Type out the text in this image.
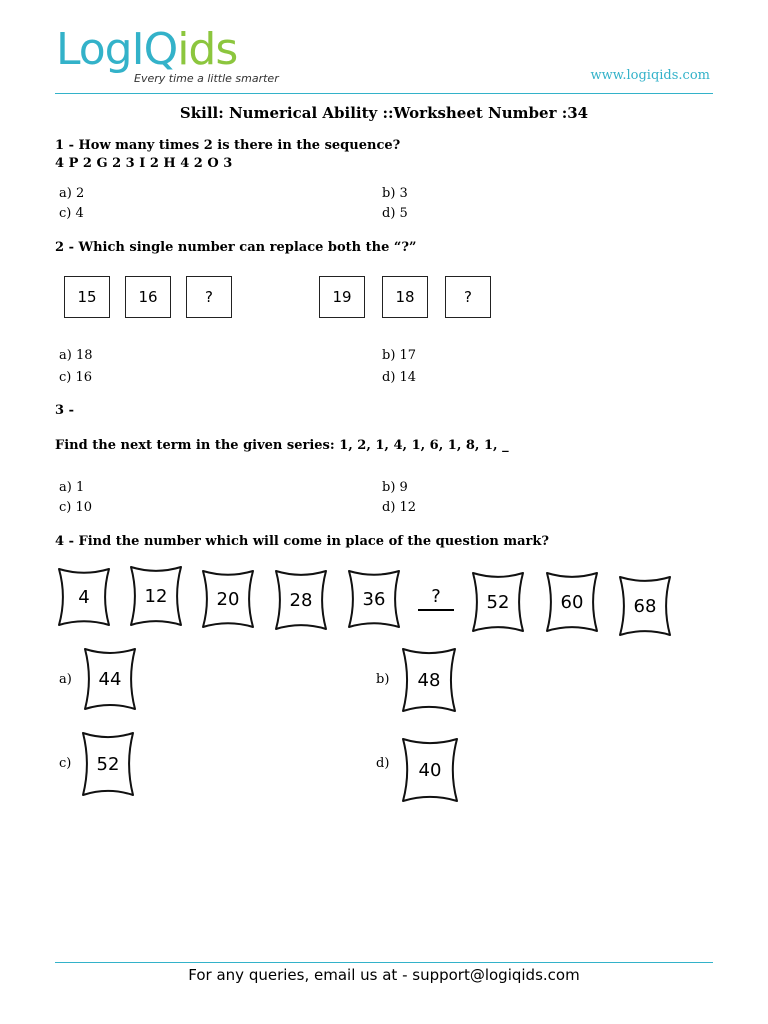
LogIQids
Every time a little smarter	www.logiqids.com
Skill: Numerical Ability ::Worksheet Number :34
1 - How many times 2 is there in the sequence?
4 P 2 G 2 3 I 2 H 4 2 O 3
a) 2	b) 3
c) 4	d) 5
2 - Which single number can replace both the “?”
15	16	?	19	18	?
a) 18	b) 17
c) 16	d) 14
3 -
Find the next term in the given series: 1, 2, 1, 4, 1, 6, 1, 8, 1, _
a) 1	b) 9
c) 10	d) 12
4 - Find the number which will come in place of the question mark?
4	12	20	28	36	?	52	60	68
a)	44	b)	48
c)	52	d)	40
For any queries, email us at - support@logiqids.com
